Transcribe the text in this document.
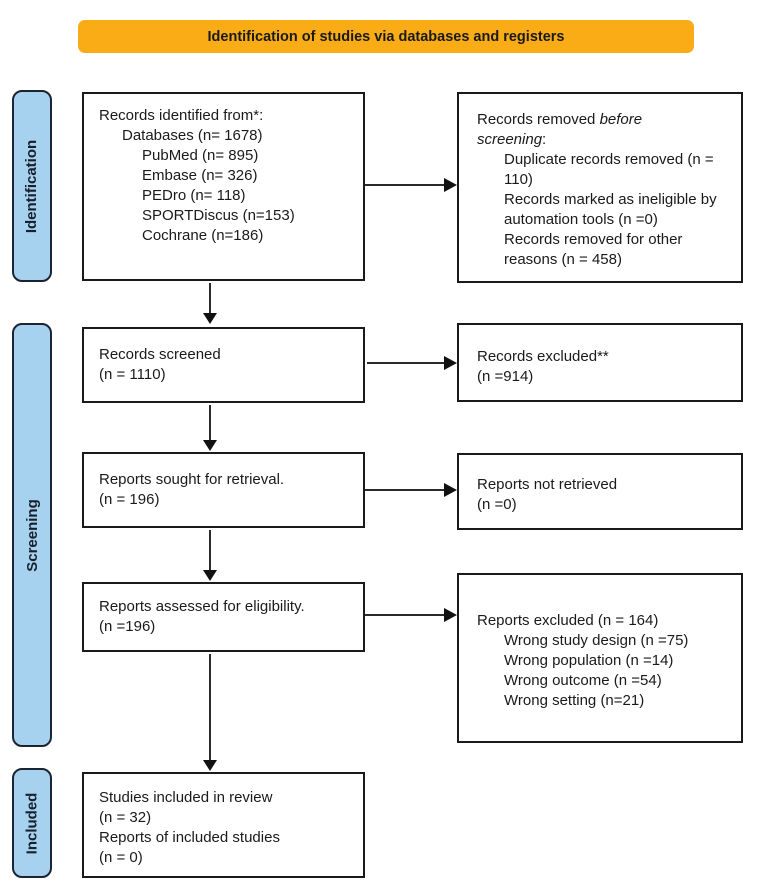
Identification of studies via databases and registers
Identification
Screening
Included
Records identified from*:
Databases (n= 1678)
PubMed (n= 895)
Embase (n= 326)
PEDro (n= 118)
SPORTDiscus (n=153)
Cochrane (n=186)
Records removed before
screening:
Duplicate records removed (n = 110)
Records marked as ineligible by automation tools (n =0)
Records removed for other reasons (n = 458)
Records screened
(n = 1110)
Records excluded**
(n =914)
Reports sought for retrieval.
(n = 196)
Reports not retrieved
(n =0)
Reports assessed for eligibility.
(n =196)	Reports excluded (n = 164)
Wrong study design (n =75)
Wrong population (n =14)
Wrong outcome (n =54)
Wrong setting (n=21)
Studies included in review
(n = 32)
Reports of included studies
(n = 0)
